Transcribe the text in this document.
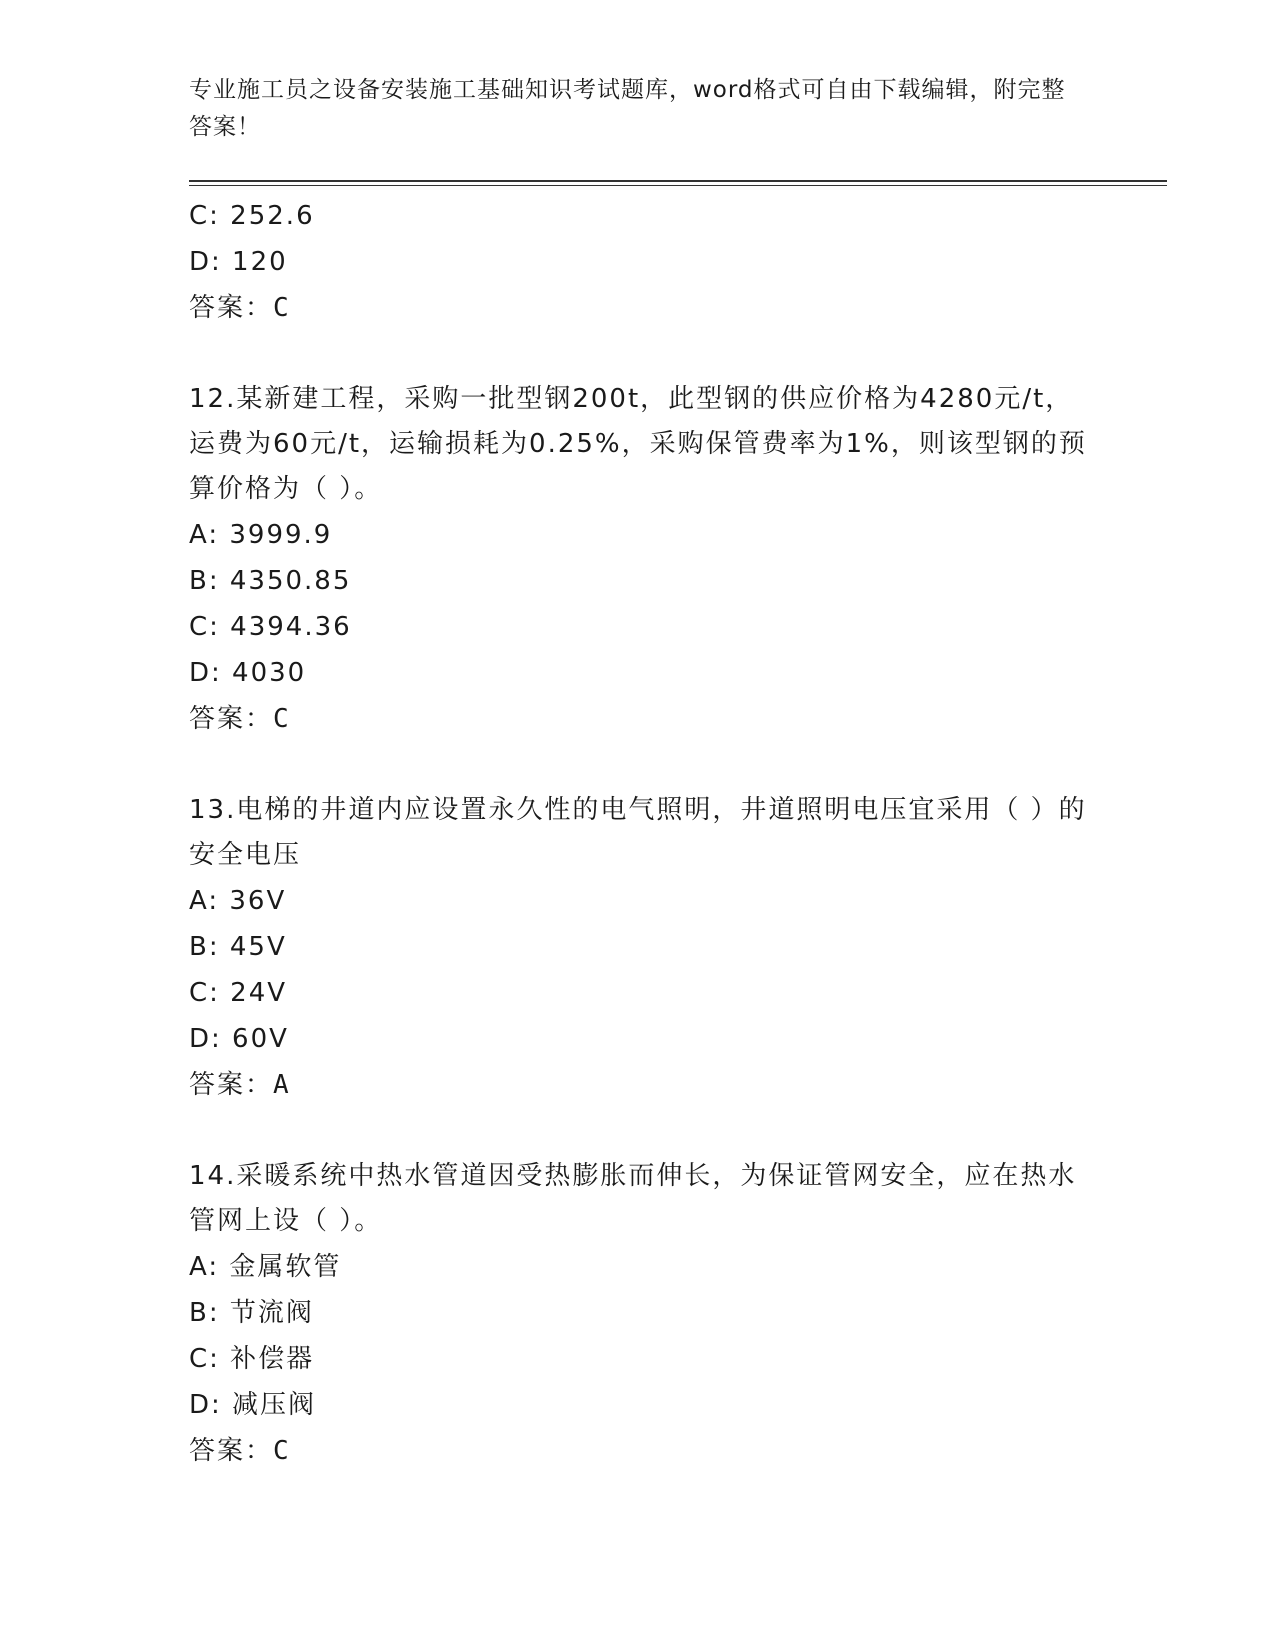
专业施工员之设备安装施工基础知识考试题库，word格式可自由下载编辑，附完整答案！
C: 252.6
D: 120
答案：C
12.某新建工程，采购一批型钢200t，此型钢的供应价格为4280元/t，运费为60元/t，运输损耗为0.25%，采购保管费率为1%，则该型钢的预算价格为（ ）。
A: 3999.9
B: 4350.85
C: 4394.36
D: 4030
答案：C
13.电梯的井道内应设置永久性的电气照明，井道照明电压宜采用（ ）的安全电压
A: 36V
B: 45V
C: 24V
D: 60V
答案：A
14.采暖系统中热水管道因受热膨胀而伸长，为保证管网安全，应在热水管网上设（ ）。
A: 金属软管
B: 节流阀
C: 补偿器
D: 减压阀
答案：C
